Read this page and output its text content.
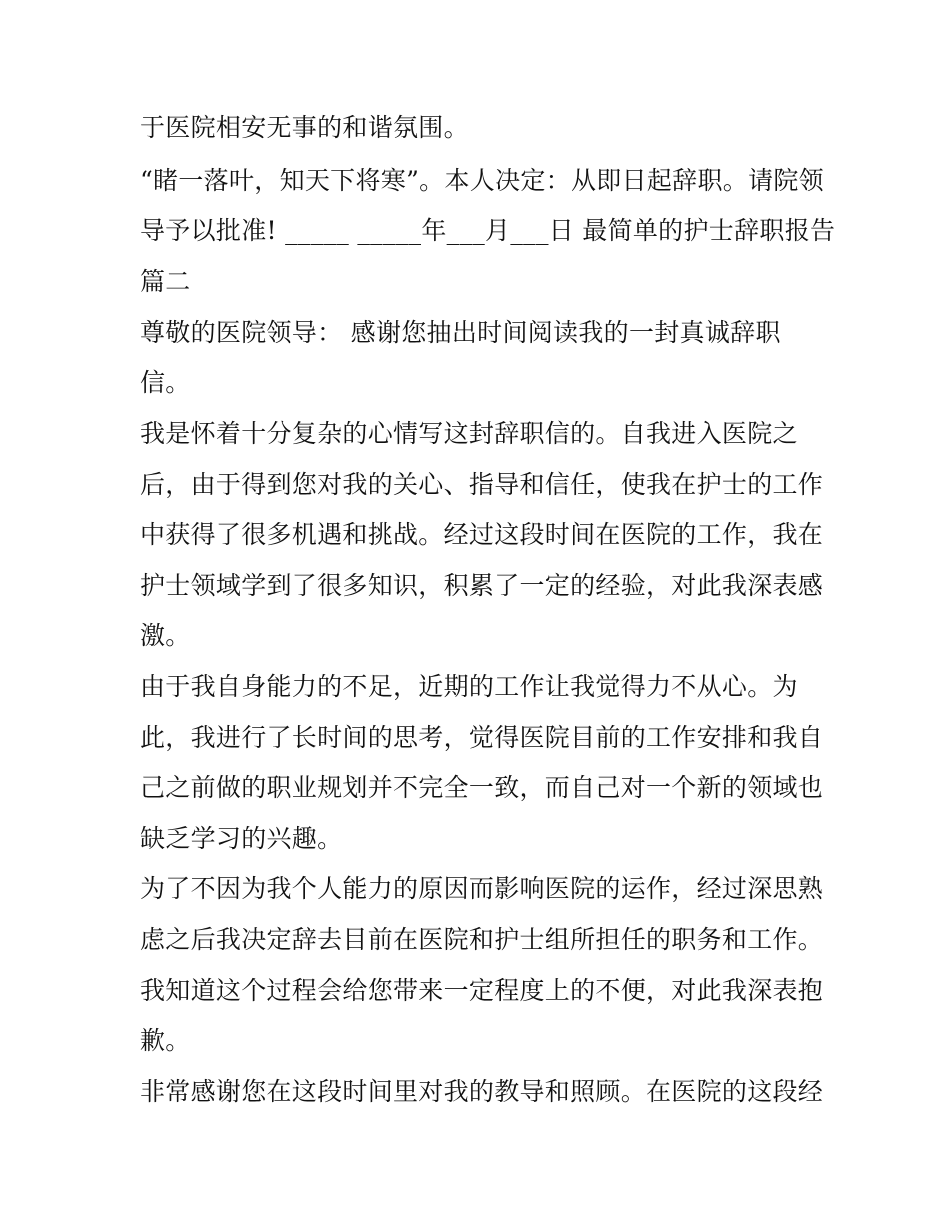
于医院相安无事的和谐氛围。
“睹一落叶，知天下将寒”。本人决定：从即日起辞职。请院领
导予以批准! _____ _____年___月___日 最简单的护士辞职报告
篇二
尊敬的医院领导： 感谢您抽出时间阅读我的一封真诚辞职
信。
我是怀着十分复杂的心情写这封辞职信的。自我进入医院之
后，由于得到您对我的关心、指导和信任，使我在护士的工作
中获得了很多机遇和挑战。经过这段时间在医院的工作，我在
护士领域学到了很多知识，积累了一定的经验，对此我深表感
激。
由于我自身能力的不足，近期的工作让我觉得力不从心。为
此，我进行了长时间的思考，觉得医院目前的工作安排和我自
己之前做的职业规划并不完全一致，而自己对一个新的领域也
缺乏学习的兴趣。
为了不因为我个人能力的原因而影响医院的运作，经过深思熟
虑之后我决定辞去目前在医院和护士组所担任的职务和工作。
我知道这个过程会给您带来一定程度上的不便，对此我深表抱
歉。
非常感谢您在这段时间里对我的教导和照顾。在医院的这段经
